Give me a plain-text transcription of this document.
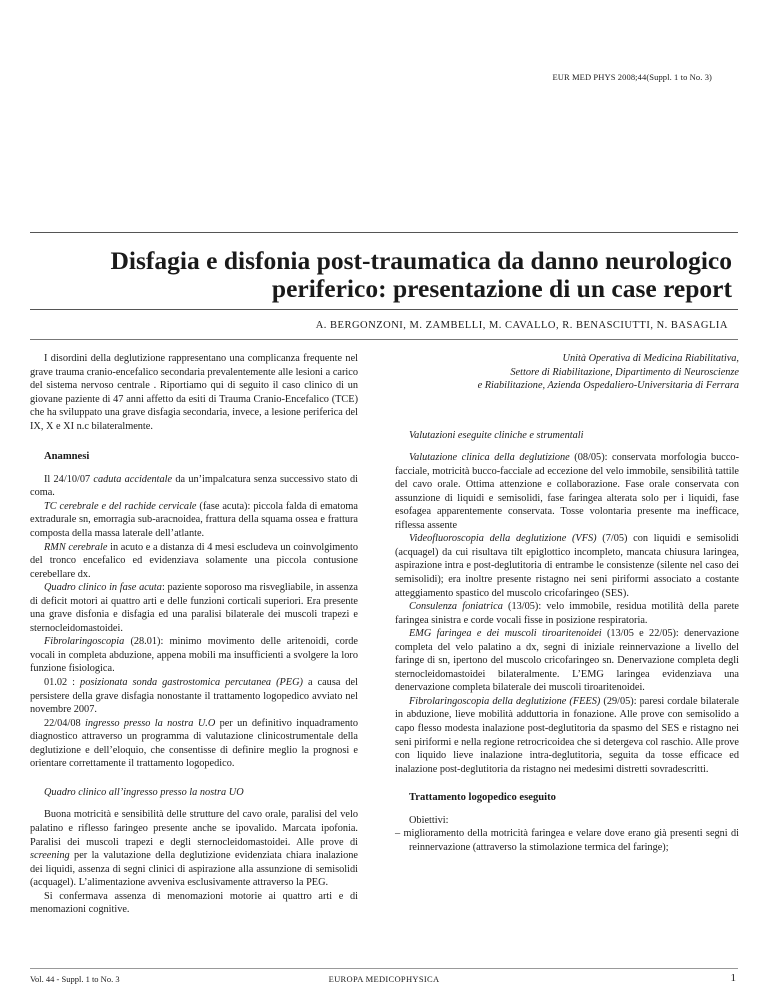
EUR MED PHYS 2008;44(Suppl. 1 to No. 3)
Disfagia e disfonia post-traumatica da danno neurologico
periferico: presentazione di un case report
A. BERGONZONI, M. ZAMBELLI, M. CAVALLO, R. BENASCIUTTI, N. BASAGLIA

I disordini della deglutizione rappresentano una complicanza frequente nel grave trauma cranio-encefalico secondaria prevalentemente alle lesioni a carico del sistema nervoso centrale . Riportiamo qui di seguito il caso clinico di un giovane paziente di 47 anni affetto da esiti di Trauma Cranio-Encefalico (TCE) che ha sviluppato una grave disfagia secondaria, invece, a lesione periferica del IX, X e XI n.c bilateralmente.

Anamnesi

Il 24/10/07 caduta accidentale da un’impalcatura senza successivo stato di coma.

TC cerebrale e del rachide cervicale (fase acuta): piccola falda di ematoma extradurale sn, emorragia sub-aracnoidea, frattura della squama ossea e frattura composta della massa laterale dell’atlante.

RMN cerebrale in acuto e a distanza di 4 mesi escludeva un coinvolgimento del tronco encefalico ed evidenziava solamente una piccola contusione cerebellare dx.

Quadro clinico in fase acuta: paziente soporoso ma risvegliabile, in assenza di deficit motori ai quattro arti e delle funzioni corticali superiori. Era presente una grave disfonia e disfagia ed una paralisi bilaterale dei muscoli trapezi e sternocleidomastoidei.

Fibrolaringoscopia (28.01): minimo movimento delle aritenoidi, corde vocali in completa abduzione, appena mobili ma insufficienti a svolgere la loro funzione fisiologica.

01.02 : posizionata sonda gastrostomica percutanea (PEG) a causa del persistere della grave disfagia nonostante il trattamento logopedico avviato nel novembre 2007.

22/04/08 ingresso presso la nostra U.O per un definitivo inquadramento diagnostico attraverso un programma di valutazione clinicostrumentale della deglutizione e dell’eloquio, che consentisse di definire meglio la prognosi e orientare correttamente il trattamento logopedico.

Quadro clinico all’ingresso presso la nostra UO

Buona motricità e sensibilità delle strutture del cavo orale, paralisi del velo palatino e riflesso faringeo presente anche se ipovalido. Marcata ipofonia. Paralisi dei muscoli trapezi e degli sternocleidomastoidei. Alle prove di screening per la valutazione della deglutizione evidenziata chiara inalazione dei liquidi, assenza di segni clinici di aspirazione alla assunzione di semisolidi (acquagel). L’alimentazione avveniva esclusivamente attraverso la PEG.

Si confermava assenza di menomazioni motorie ai quattro arti e di menomazioni cognitive.

Unità Operativa di Medicina Riabilitativa,

Settore di Riabilitazione, Dipartimento di Neuroscienze

e Riabilitazione, Azienda Ospedaliero-Universitaria di Ferrara

Valutazioni eseguite cliniche e strumentali

Valutazione clinica della deglutizione (08/05): conservata morfologia bucco-facciale, motricità bucco-facciale ad eccezione del velo immobile, sensibilità tattile del cavo orale. Ottima attenzione e collaborazione. Fase orale conservata con assunzione di liquidi e semisolidi, fase faringea alterata solo per i liquidi, fase esofagea apparentemente conservata. Tosse volontaria presente ma inefficace, riflessa assente

Videofluoroscopia della deglutizione (VFS) (7/05) con liquidi e semisolidi (acquagel) da cui risultava tilt epiglottico incompleto, mancata chiusura laringea, aspirazione intra e post-deglutitoria di entrambe le consistenze (silente nel caso dei semisolidi); era inoltre presente ristagno nei seni piriformi associato a costante atteggiamento spastico del muscolo cricofaringeo (SES).

Consulenza foniatrica (13/05): velo immobile, residua motilità della parete faringea sinistra e corde vocali fisse in posizione respiratoria.

EMG faringea e dei muscoli tiroaritenoidei (13/05 e 22/05): denervazione completa del velo palatino a dx, segni di iniziale reinnervazione a livello del faringe di sn, ipertono del muscolo cricofaringeo sn. Denervazione completa degli sternocleidomastoidei bilateralmente. L’EMG laringea evidenziava una denervazione completa bilaterale dei muscoli tiroaritenoidei.

Fibrolaringoscopia della deglutizione (FEES) (29/05): paresi cordale bilaterale in abduzione, lieve mobilità adduttoria in fonazione. Alle prove con semisolido a capo flesso modesta inalazione post-deglutitoria da spasmo del SES e ristagno nei seni piriformi e nella regione retrocricoidea che si detergeva col raschio. Alle prove con liquido lieve inalazione intra-deglutitoria, seguita da tosse efficace ed inalazione post-deglutitoria da ristagno nei medesimi distretti sovradescritti.

Trattamento logopedico eseguito

Obiettivi:

– miglioramento della motricità faringea e velare dove erano già presenti segni di reinnervazione (attraverso la stimolazione termica del faringe);
Vol. 44 - Suppl. 1 to No. 3	EUROPA MEDICOPHYSICA	1
